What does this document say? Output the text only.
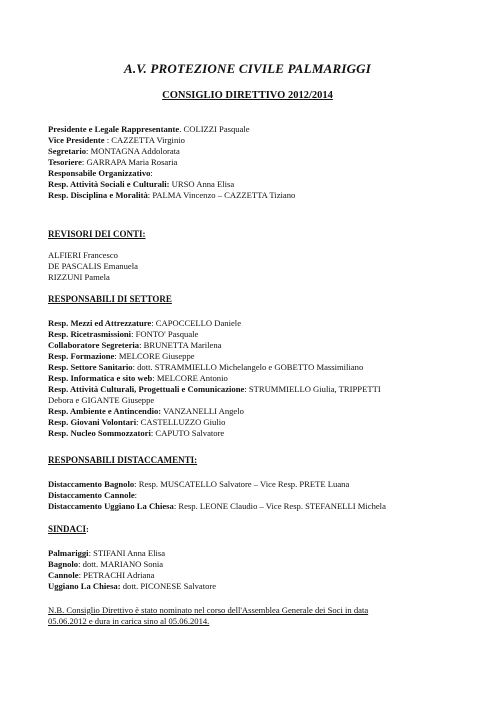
A.V. PROTEZIONE CIVILE PALMARIGGI
CONSIGLIO DIRETTIVO 2012/2014
Presidente e Legale Rappresentante. COLIZZI Pasquale
Vice Presidente : CAZZETTA Virginio
Segretario: MONTAGNA Addolorata
Tesoriere: GARRAPA Maria Rosaria
Responsabile Organizzativo:
Resp. Attività Sociali e Culturali: URSO Anna Elisa
Resp. Disciplina e Moralità: PALMA Vincenzo – CAZZETTA Tiziano
REVISORI DEI CONTI:
ALFIERI Francesco
DE PASCALIS Emanuela
RIZZUNI Pamela
RESPONSABILI DI SETTORE
Resp. Mezzi ed Attrezzature: CAPOCCELLO Daniele
Resp. Ricetrasmissioni: FONTO' Pasquale
Collaboratore Segreteria: BRUNETTA Marilena
Resp. Formazione: MELCORE Giuseppe
Resp. Settore Sanitario: dott. STRAMMIELLO Michelangelo e GOBETTO Massimiliano
Resp. Informatica e sito web: MELCORE Antonio
Resp. Attività Culturali, Progettuali e Comunicazione: STRUMMIELLO Giulia, TRIPPETTI
Debora e GIGANTE Giuseppe
Resp. Ambiente e Antincendio: VANZANELLI Angelo
Resp. Giovani Volontari: CASTELLUZZO Giulio
Resp. Nucleo Sommozzatori: CAPUTO Salvatore
RESPONSABILI DISTACCAMENTI:
Distaccamento Bagnolo: Resp. MUSCATELLO Salvatore – Vice Resp. PRETE Luana
Distaccamento Cannole:
Distaccamento Uggiano La Chiesa: Resp. LEONE Claudio – Vice Resp. STEFANELLI Michela
SINDACI:
Palmariggi: STIFANI Anna Elisa
Bagnolo: dott. MARIANO Sonia
Cannole: PETRACHI Adriana
Uggiano La Chiesa: dott. PICONESE Salvatore
N.B. Consiglio Direttivo è stato nominato nel corso dell'Assemblea Generale dei Soci in data
05.06.2012 e dura in carica sino al 05.06.2014.
